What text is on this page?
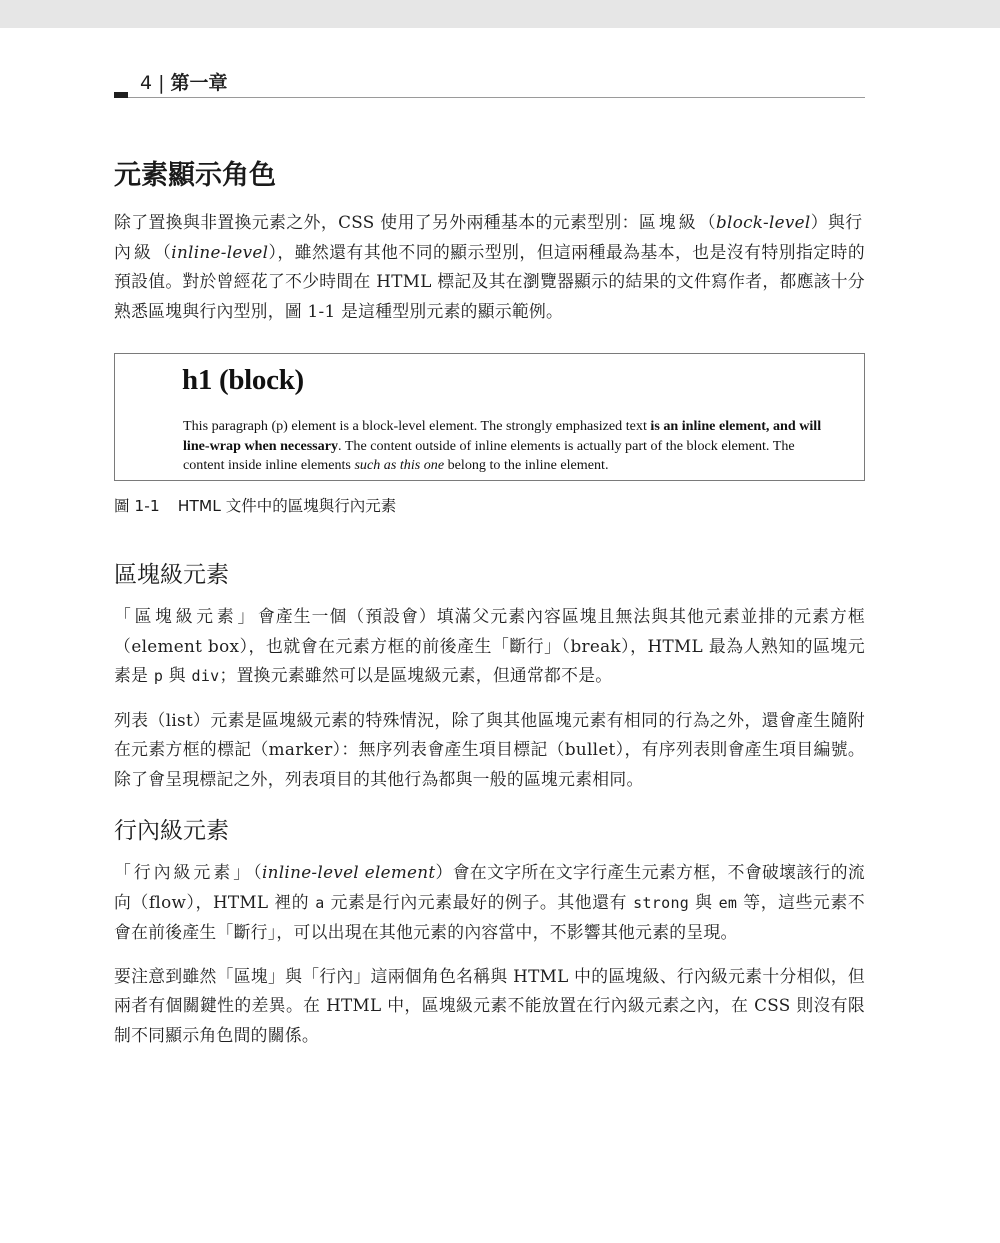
4 | 第一章
元素顯示角色

除了置換與非置換元素之外，CSS 使用了另外兩種基本的元素型別：區塊級（block-level）與行內級（inline-level），雖然還有其他不同的顯示型別，但這兩種最為基本，也是沒有特別指定時的預設值。對於曾經花了不少時間在 HTML 標記及其在瀏覽器顯示的結果的文件寫作者，都應該十分熟悉區塊與行內型別，圖 1-1 是這種型別元素的顯示範例。

h1 (block)

This paragraph (p) element is a block-level element. The strongly emphasized text is an inline element, and will line-wrap when necessary. The content outside of inline elements is actually part of the block element. The content inside inline elements such as this one belong to the inline element.

圖 1-1 HTML 文件中的區塊與行內元素
區塊級元素

「區塊級元素」會產生一個（預設會）填滿父元素內容區塊且無法與其他元素並排的元素方框（element box），也就會在元素方框的前後產生「斷行」（break），HTML 最為人熟知的區塊元素是 p 與 div；置換元素雖然可以是區塊級元素，但通常都不是。

列表（list）元素是區塊級元素的特殊情況，除了與其他區塊元素有相同的行為之外，還會產生隨附在元素方框的標記（marker）：無序列表會產生項目標記（bullet），有序列表則會產生項目編號。除了會呈現標記之外，列表項目的其他行為都與一般的區塊元素相同。

行內級元素

「行內級元素」（inline-level element）會在文字所在文字行產生元素方框，不會破壞該行的流向（flow），HTML 裡的 a 元素是行內元素最好的例子。其他還有 strong 與 em 等，這些元素不會在前後產生「斷行」，可以出現在其他元素的內容當中，不影響其他元素的呈現。

要注意到雖然「區塊」與「行內」這兩個角色名稱與 HTML 中的區塊級、行內級元素十分相似，但兩者有個關鍵性的差異。在 HTML 中，區塊級元素不能放置在行內級元素之內，在 CSS 則沒有限制不同顯示角色間的關係。
